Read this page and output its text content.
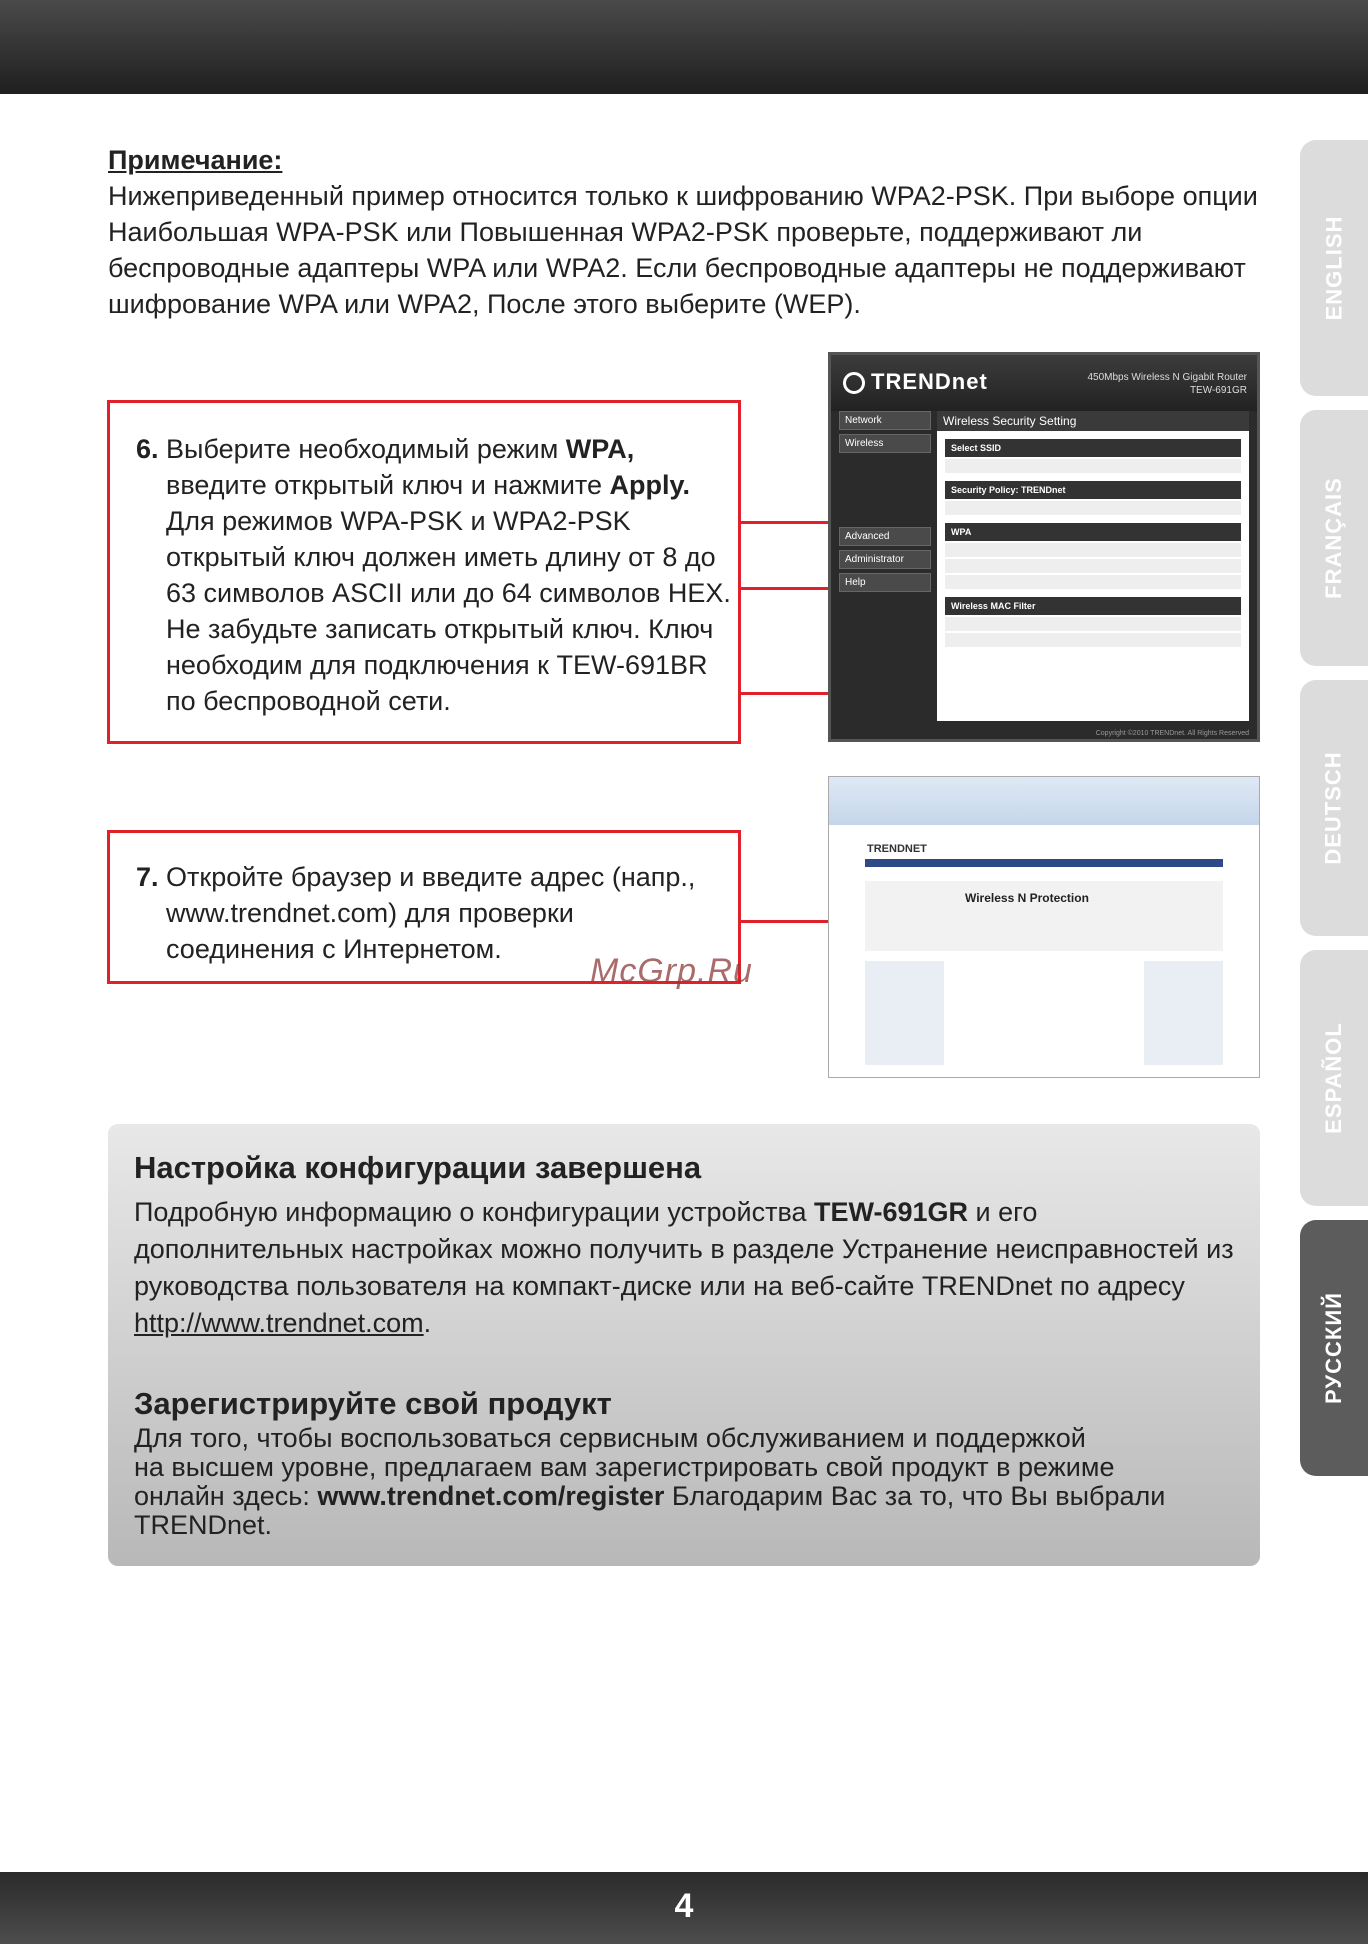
Примечание:
Нижеприведенный пример относится только к шифрованию WPA2-PSK. При выборе опции
Наибольшая WPA-PSK или Повышенная WPA2-PSK проверьте, поддерживают ли
беспроводные адаптеры WPA или WPA2. Если беспроводные адаптеры не поддерживают
шифрование WPA или WPA2, После этого выберите (WEP).	ENGLISH
FRANÇAIS
DEUTSCH
ESPAÑOL
РУССКИЙ
6. Выберите необходимый режим WPA,
введите открытый ключ и нажмите Apply.
Для режимов WPA-PSK и WPA2-PSK
открытый ключ должен иметь длину от 8 до
63 символов ASCII или до 64 символов HEX.
Не забудьте записать открытый ключ. Ключ
необходим для подключения к TEW-691BR
по беспроводной сети.
TRENDnet	450Mbps Wireless N Gigabit Router
TEW-691GR
Network
Wireless
Advanced
Administrator
Help
Wireless Security Setting
Select SSID
Security Policy: TRENDnet
WPA
Wireless MAC Filter
Copyright ©2010 TRENDnet. All Rights Reserved
7. Откройте браузер и введите адрес (напр.,
www.trendnet.com) для проверки
соединения с Интернетом.
TRENDNET
Wireless N Protection
McGrp.Ru
Настройка конфигурации завершена
Подробную информацию о конфигурации устройства TEW-691GR и его
дополнительных настройках можно получить в разделе Устранение неисправностей из
руководства пользователя на компакт-диске или на веб-сайте TRENDnet по адресу
http://www.trendnet.com.
Зарегистрируйте свой продукт
Для того, чтобы воспользоваться сервисным обслуживанием и поддержкой
на высшем уровне, предлагаем вам зарегистрировать свой продукт в режиме
онлайн здесь: www.trendnet.com/register Благодарим Вас за то, что Вы выбрали
TRENDnet.
4
